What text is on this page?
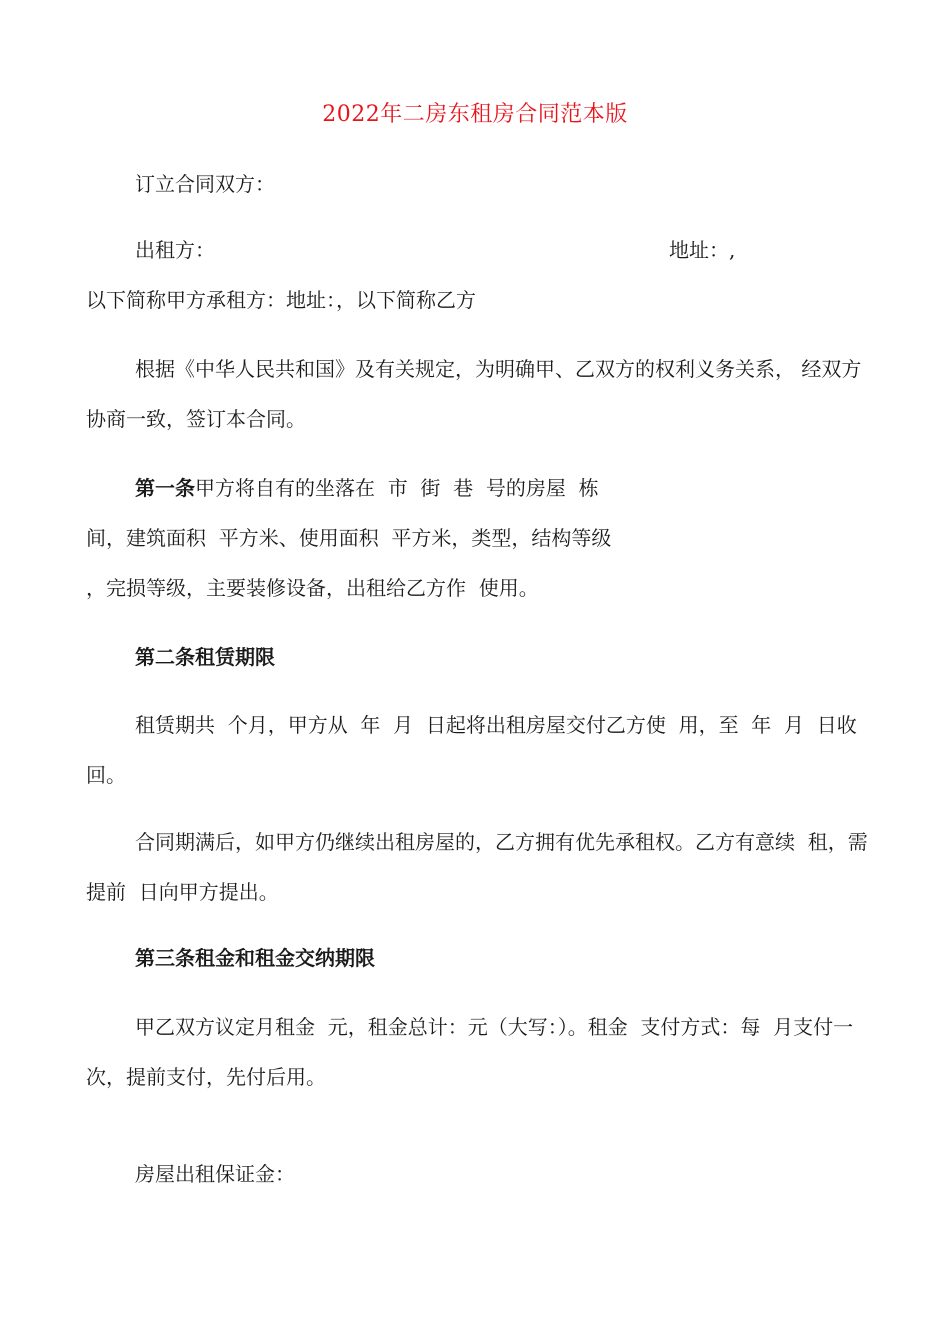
2022年二房东租房合同范本版
订立合同双方：
出租方：	地址：,
以下简称甲方承租方：地址：，以下简称乙方
根据《中华人民共和国》及有关规定，为明确甲、乙双方的权利义务关系， 经双方
协商一致，签订本合同。
第一条甲方将自有的坐落在  市  街  巷  号的房屋  栋
间，建筑面积  平方米、使用面积  平方米，类型，结构等级
，完损等级，主要装修设备，出租给乙方作  使用。
第二条租赁期限
租赁期共  个月，甲方从  年  月  日起将出租房屋交付乙方使  用，至  年  月  日收
回。
合同期满后，如甲方仍继续出租房屋的，乙方拥有优先承租权。乙方有意续  租，需
提前  日向甲方提出。
第三条租金和租金交纳期限
甲乙双方议定月租金  元，租金总计：元（大写：）。租金  支付方式：每  月支付一
次，提前支付，先付后用。
房屋出租保证金：
